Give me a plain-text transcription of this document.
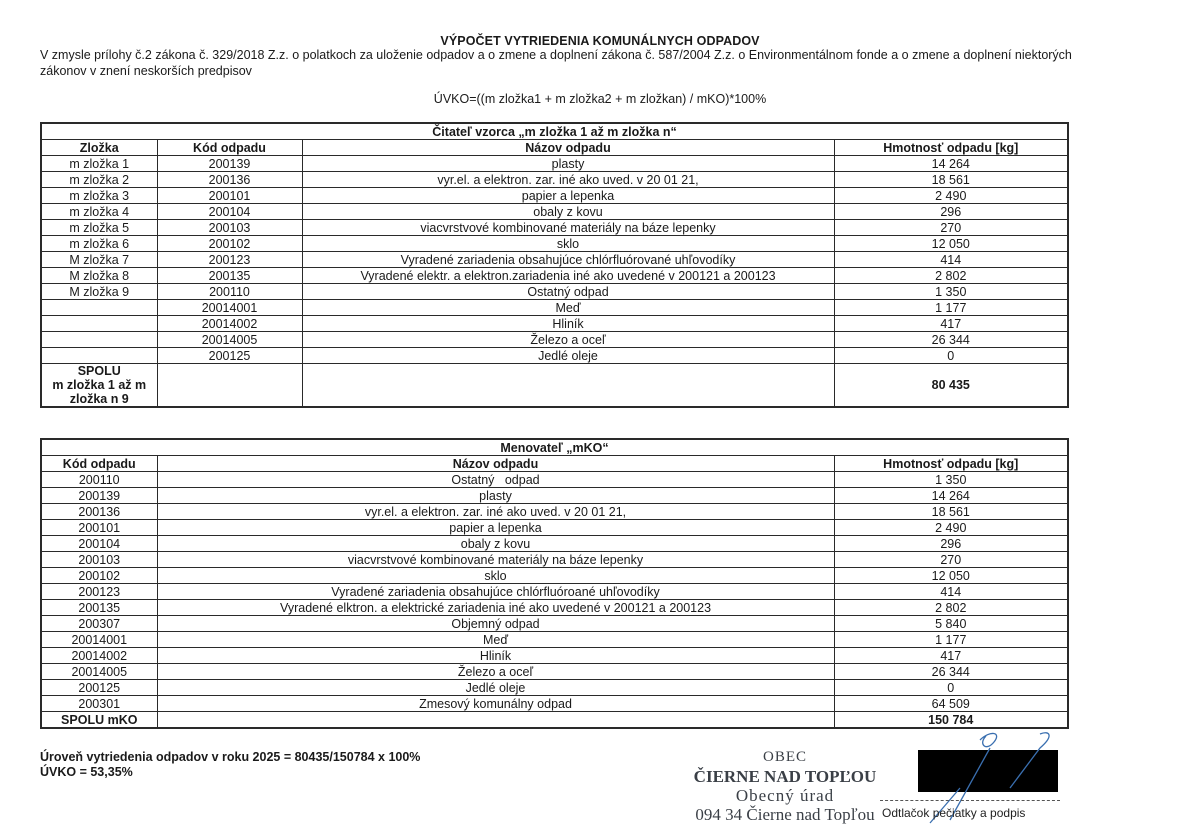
VÝPOČET VYTRIEDENIA KOMUNÁLNYCH ODPADOV
V zmysle prílohy č.2 zákona č. 329/2018 Z.z. o polatkoch za uloženie odpadov a o zmene a doplnení zákona č. 587/2004 Z.z. o Environmentálnom fonde a o zmene a doplnení niektorých zákonov v znení neskorších predpisov
ÚVKO=((m zložka1 + m zložka2 + m zložkan) / mKO)*100%
Čitateľ vzorca „m zložka 1 až m zložka n“			
Zložka	Kód odpadu	Názov odpadu	Hmotnosť odpadu [kg]
m zložka 1	200139	plasty	14 264
m zložka 2	200136	vyr.el. a elektron. zar. iné ako uved. v 20 01 21,	18 561
m zložka 3	200101	papier a lepenka	2 490
m zložka 4	200104	obaly z kovu	296
m zložka 5	200103	viacvrstvové kombinované materiály na báze lepenky	270
m zložka 6	200102	sklo	12 050
M zložka 7	200123	Vyradené zariadenia obsahujúce chlórfluórované uhľovodíky	414
M zložka 8	200135	Vyradené elektr. a elektron.zariadenia iné ako uvedené v 200121 a 200123	2 802
M zložka 9	200110	Ostatný odpad	1 350
	20014001	Meď	1 177
	20014002	Hliník	417
	20014005	Železo a oceľ	26 344
	200125	Jedlé oleje	0

SPOLU
m zložka 1 až m
zložka n 9			80 435
Menovateľ „mKO“		
Kód odpadu	Názov odpadu	Hmotnosť odpadu [kg]
200110	Ostatný   odpad	1 350
200139	plasty	14 264
200136	vyr.el. a elektron. zar. iné ako uved. v 20 01 21,	18 561
200101	papier a lepenka	2 490
200104	obaly z kovu	296
200103	viacvrstvové kombinované materiály na báze lepenky	270
200102	sklo	12 050
200123	Vyradené zariadenia obsahujúce chlórfluóroané uhľovodíky	414
200135	Vyradené elktron. a elektrické zariadenia iné ako uvedené v 200121 a 200123	2 802
200307	Objemný odpad	5 840
20014001	Meď	1 177
20014002	Hliník	417
20014005	Železo a oceľ	26 344
200125	Jedlé oleje	0
200301	Zmesový komunálny odpad	64 509
SPOLU mKO		150 784
Úroveň vytriedenia odpadov v roku 2025 = 80435/150784 x 100%
ÚVKO = 53,35%
OBEC
ČIERNE NAD TOPĽOU
Obecný úrad
094 34 Čierne nad Topľou Odtlačok pečiatky a podpis
